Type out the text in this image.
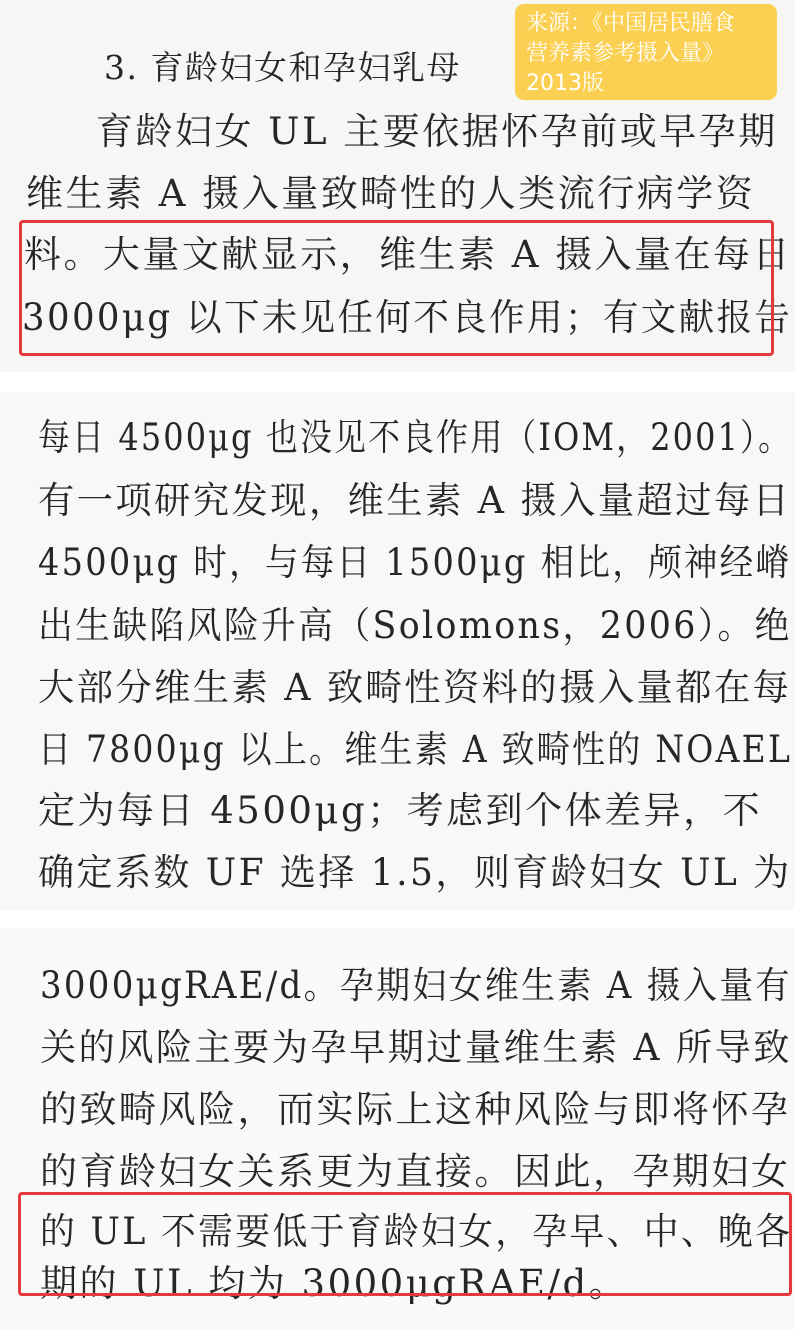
3. 育龄妇女和孕妇乳母
育龄妇女 UL 主要依据怀孕前或早孕期
维生素 A 摄入量致畸性的人类流行病学资
料。大量文献显示，维生素 A 摄入量在每日
3000μg 以下未见任何不良作用；有文献报告
每日 4500μg 也没见不良作用（IOM，2001）。
有一项研究发现，维生素 A 摄入量超过每日
4500μg 时，与每日 1500μg 相比，颅神经嵴
出生缺陷风险升高（Solomons，2006）。绝
大部分维生素 A 致畸性资料的摄入量都在每
日 7800μg 以上。维生素 A 致畸性的 NOAEL
定为每日 4500μg；考虑到个体差异，不
确定系数 UF 选择 1.5，则育龄妇女 UL 为
3000μgRAE/d。孕期妇女维生素 A 摄入量有
关的风险主要为孕早期过量维生素 A 所导致
的致畸风险，而实际上这种风险与即将怀孕
的育龄妇女关系更为直接。因此，孕期妇女
的 UL 不需要低于育龄妇女，孕早、中、晚各
期的 UL 均为 3000μgRAE/d。
来源：《中国居民膳食
营养素参考摄入量》
2013版
